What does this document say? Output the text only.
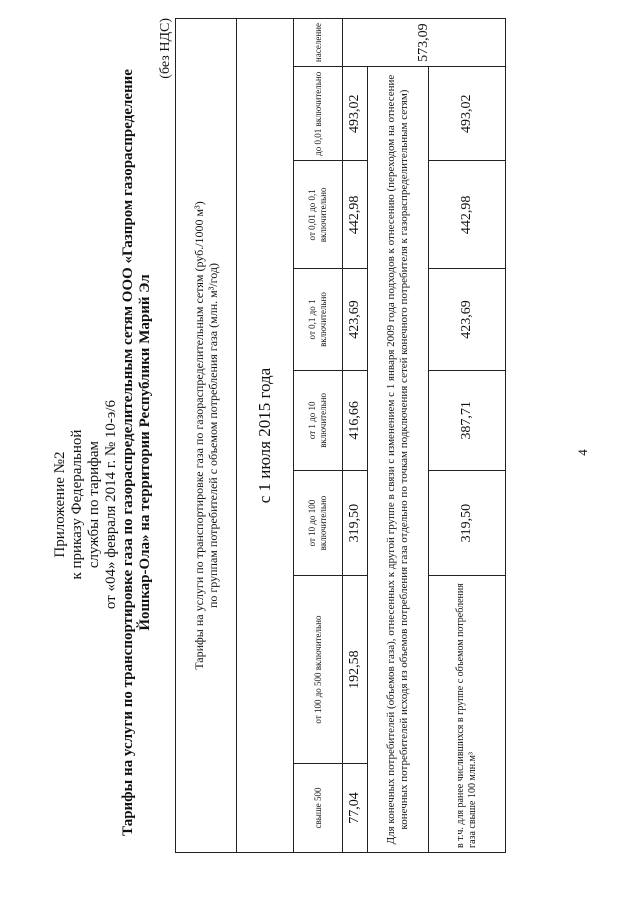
Приложение №2 к приказу Федеральной службы по тарифам от «04» февраля 2014 г. № 10-э/6 Тарифы на услуги по транспортировке газа по газораспределительным сетям ООО «Газпром газораспределение Йошкар-Ола» на территории Республики Марий Эл
(без НДС)
Тарифы на услуги по транспортировке газа по газораспределительным сетям (руб./1000 м³) по группам потребителей с объемом потребления газа (млн. м³/год)							

с 1 июля 2015 года							
свыше 500	от 100 до 500 включительно	от 10 до 100 включительно	от 1 до 10 включительно	от 0,1 до 1 включительно	от 0,01 до 0,1 включительно	до 0,01 включительно	население
77,04	192,58	319,50	416,66	423,69	442,98	493,02	573,09
Для конечных потребителей (объемов газа), отнесенных к другой группе в связи с изменением с 1 января 2009 года подходов к отнесению (переходом на отнесение конечных потребителей исходя из объемов потребления газа отдельно по точкам подключения сетей конечного потребителя к газораспределительным сетям)							
в т.ч. для ранее числившихся в группе с объемом потребления газа свыше 100 млн.м³		319,50	387,71	423,69	442,98	493,02	
4
